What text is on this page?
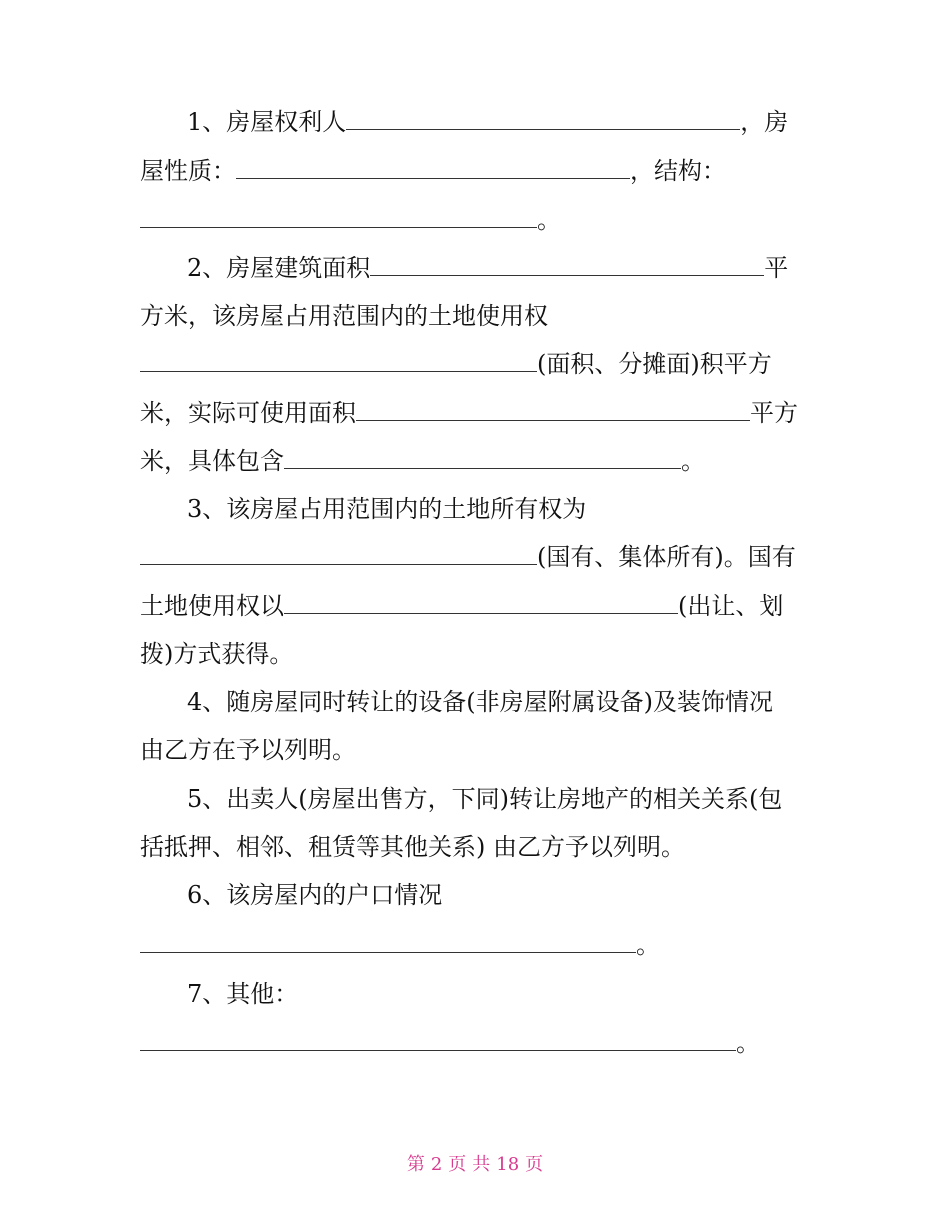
1、房屋权利人	，房
屋性质：	，结构：
。
2、房屋建筑面积	平
方米，该房屋占用范围内的土地使用权
(面积、分摊面)积平方
米，实际可使用面积	平方
米，具体包含	。
3、该房屋占用范围内的土地所有权为
(国有、集体所有)。国有
土地使用权以	(出让、划
拨)方式获得。
4、随房屋同时转让的设备(非房屋附属设备)及装饰情况
由乙方在予以列明。
5、出卖人(房屋出售方，下同)转让房地产的相关关系(包
括抵押、相邻、租赁等其他关系) 由乙方予以列明。
6、该房屋内的户口情况
。
7、其他：
。
第 2 页 共 18 页
